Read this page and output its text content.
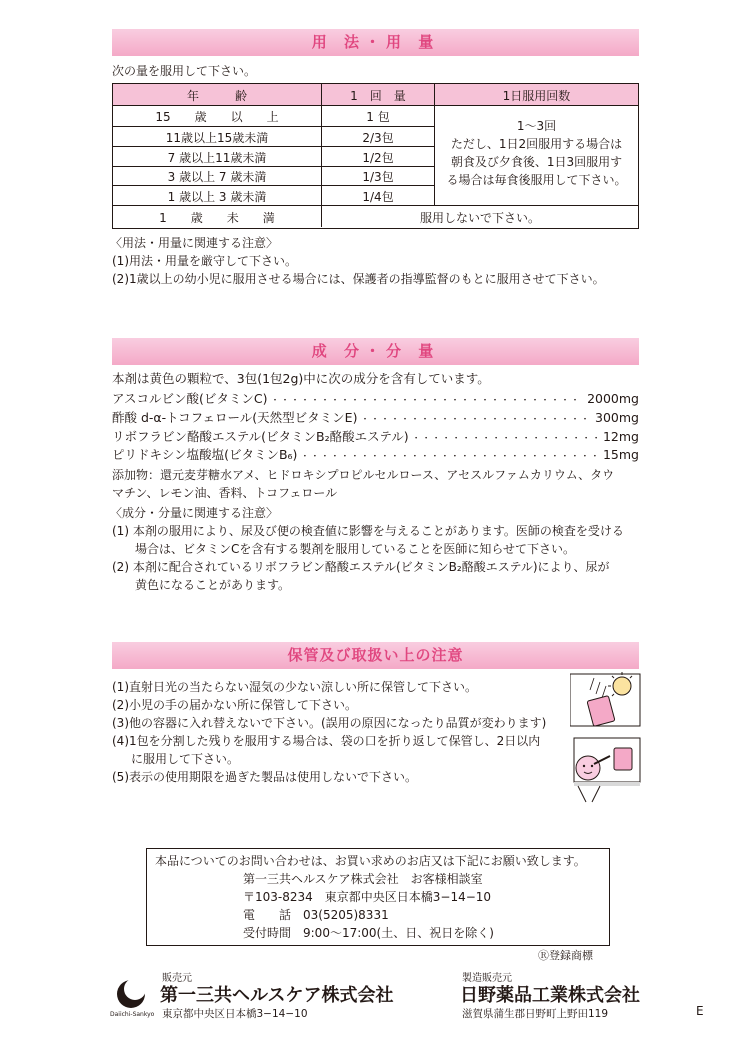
用 法・用 量
次の量を服用して下さい。
年　　　齢	1　回　量	1日服用回数
15　　歳　　以　　上	1 包
11歳以上15歳未満	2/3包
7 歳以上11歳未満	1/2包
3 歳以上 7 歳未満	1/3包
1 歳以上 3 歳未満	1/4包
1〜3回
ただし、1日2回服用する場合は
朝食及び夕食後、1日3回服用す
る場合は毎食後服用して下さい。
1　　歳　　未　　満	服用しないで下さい。
〈用法・用量に関連する注意〉
(1)用法・用量を厳守して下さい。
(2)1歳以上の幼小児に服用させる場合には、保護者の指導監督のもとに服用させて下さい。
成 分・分 量
本剤は黄色の顆粒で、3包(1包2g)中に次の成分を含有しています。
アスコルビン酸(ビタミンC) ・・・・・・・・・・・・・・・・・・・・・・・・・・・・・・・・・・・・・・・・・・・・・・	2000mg
酢酸 d-α-トコフェロール(天然型ビタミンE) ・・・・・・・・・・・・・・・・・・・・・・・・・・・・・・・・・・・・・・・・・・・・・・	300mg
リボフラビン酪酸エステル(ビタミンB₂酪酸エステル) ・・・・・・・・・・・・・・・・・・・・・・・・・・・・・・・・・・・・・・・・・・・・・・	12mg
ピリドキシン塩酸塩(ビタミンB₆) ・・・・・・・・・・・・・・・・・・・・・・・・・・・・・・・・・・・・・・・・・・・・・・	15mg
添加物：還元麦芽糖水アメ、ヒドロキシプロピルセルロース、アセスルファムカリウム、タウ
マチン、レモン油、香料、トコフェロール
〈成分・分量に関連する注意〉
(1) 本剤の服用により、尿及び便の検査値に影響を与えることがあります。医師の検査を受ける
場合は、ビタミンCを含有する製剤を服用していることを医師に知らせて下さい。
(2) 本剤に配合されているリボフラビン酪酸エステル(ビタミンB₂酪酸エステル)により、尿が
黄色になることがあります。
保管及び取扱い上の注意
(1)直射日光の当たらない湿気の少ない涼しい所に保管して下さい。
(2)小児の手の届かない所に保管して下さい。
(3)他の容器に入れ替えないで下さい。(誤用の原因になったり品質が変わります)
(4)1包を分割した残りを服用する場合は、袋の口を折り返して保管し、2日以内
に服用して下さい。
(5)表示の使用期限を過ぎた製品は使用しないで下さい。
本品についてのお問い合わせは、お買い求めのお店又は下記にお願い致します。
第一三共ヘルスケア株式会社　お客様相談室
〒103-8234　東京都中央区日本橋3−14−10
電　　話　03(5205)8331
受付時間　9:00〜17:00(土、日、祝日を除く)
Ⓡ登録商標
Daiichi-Sankyo
販売元
第一三共ヘルスケア株式会社
東京都中央区日本橋3−14−10
製造販売元
日野薬品工業株式会社
滋賀県蒲生郡日野町上野田119	E
